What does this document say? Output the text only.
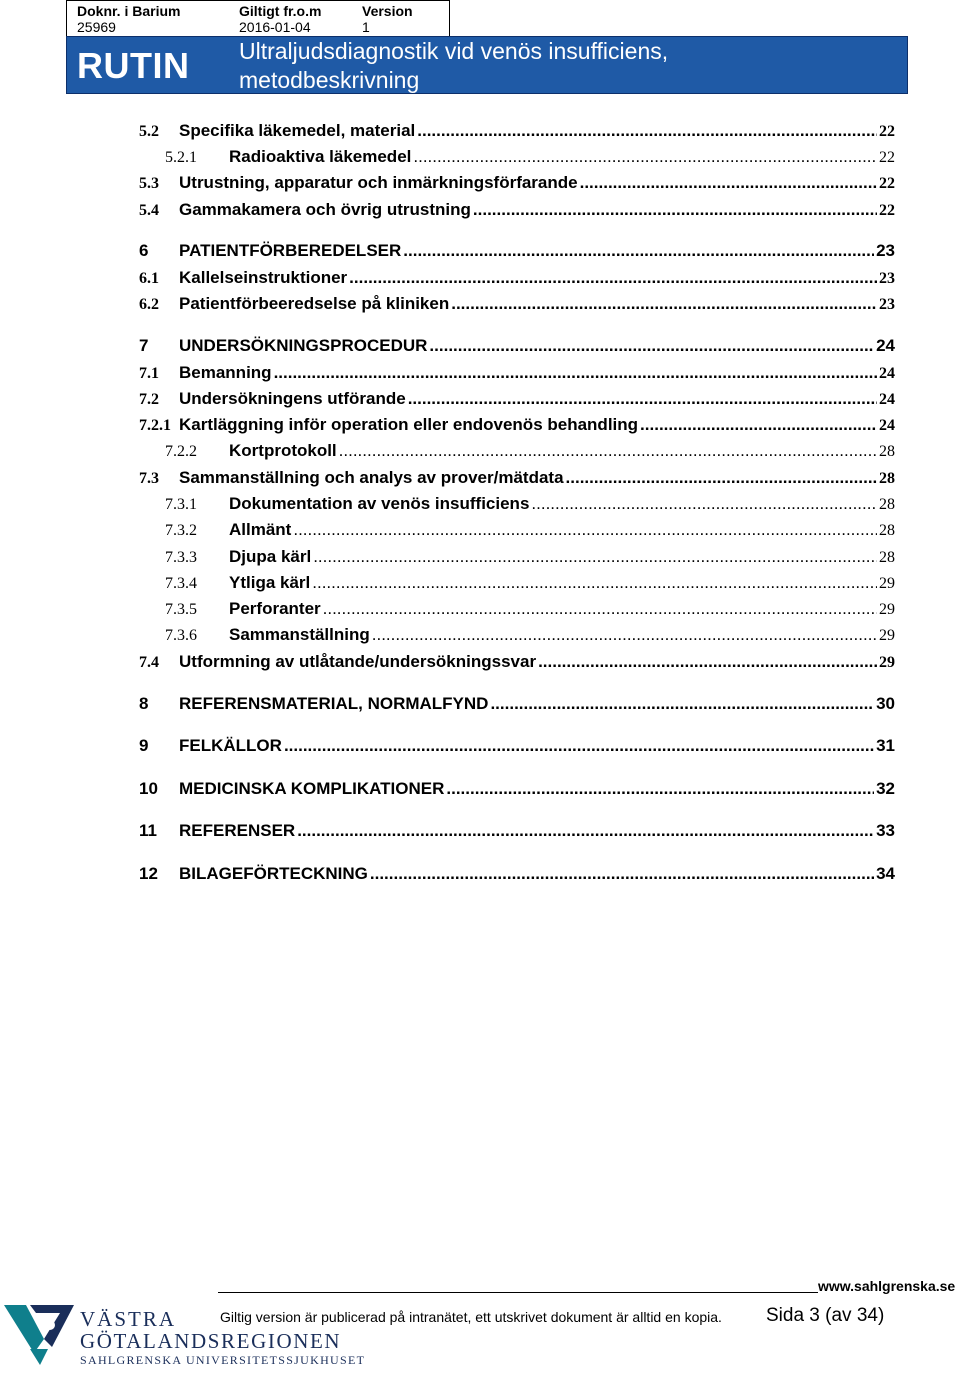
Doknr. i Barium
25969
Giltigt fr.o.m
2016-01-04
Version
1
RUTIN Ultraljudsdiagnostik vid venös insufficiens,
metodbeskrivning
5.2	Specifika läkemedel, material .....	22
5.2.1	Radioaktiva läkemedel .....	22
5.3	Utrustning, apparatur och inmärkningsförfarande .....	22
5.4	Gammakamera och övrig utrustning .....	22
6	PATIENTFÖRBEREDELSER .....	23
6.1	Kallelseinstruktioner .....	23
6.2	Patientförbeeredselse på kliniken .....	23
7	UNDERSÖKNINGSPROCEDUR .....	24
7.1	Bemanning .....	24
7.2	Undersökningens utförande .....	24
7.2.1 Kartläggning inför operation eller endovenös behandling .....	24
7.2.2	Kortprotokoll .....	28
7.3	Sammanställning och analys av prover/mätdata .....	28
7.3.1	Dokumentation av venös insufficiens .....	28
7.3.2	Allmänt .....	28
7.3.3	Djupa kärl .....	28
7.3.4	Ytliga kärl .....	29
7.3.5	Perforanter .....	29
7.3.6	Sammanställning .....	29
7.4	Utformning av utlåtande/undersökningssvar .....	29
8	REFERENSMATERIAL, NORMALFYND .....	30
9	FELKÄLLOR .....	31
10	MEDICINSKA KOMPLIKATIONER .....	32
11	REFERENSER .....	33
12	BILAGEFÖRTECKNING .....	34
www.sahlgrenska.se
Giltig version är publicerad på intranätet, ett utskrivet dokument är alltid en kopia. Sida 3 (av 34)
VÄSTRA
GÖTALANDSREGIONEN
SAHLGRENSKA UNIVERSITETSSJUKHUSET
